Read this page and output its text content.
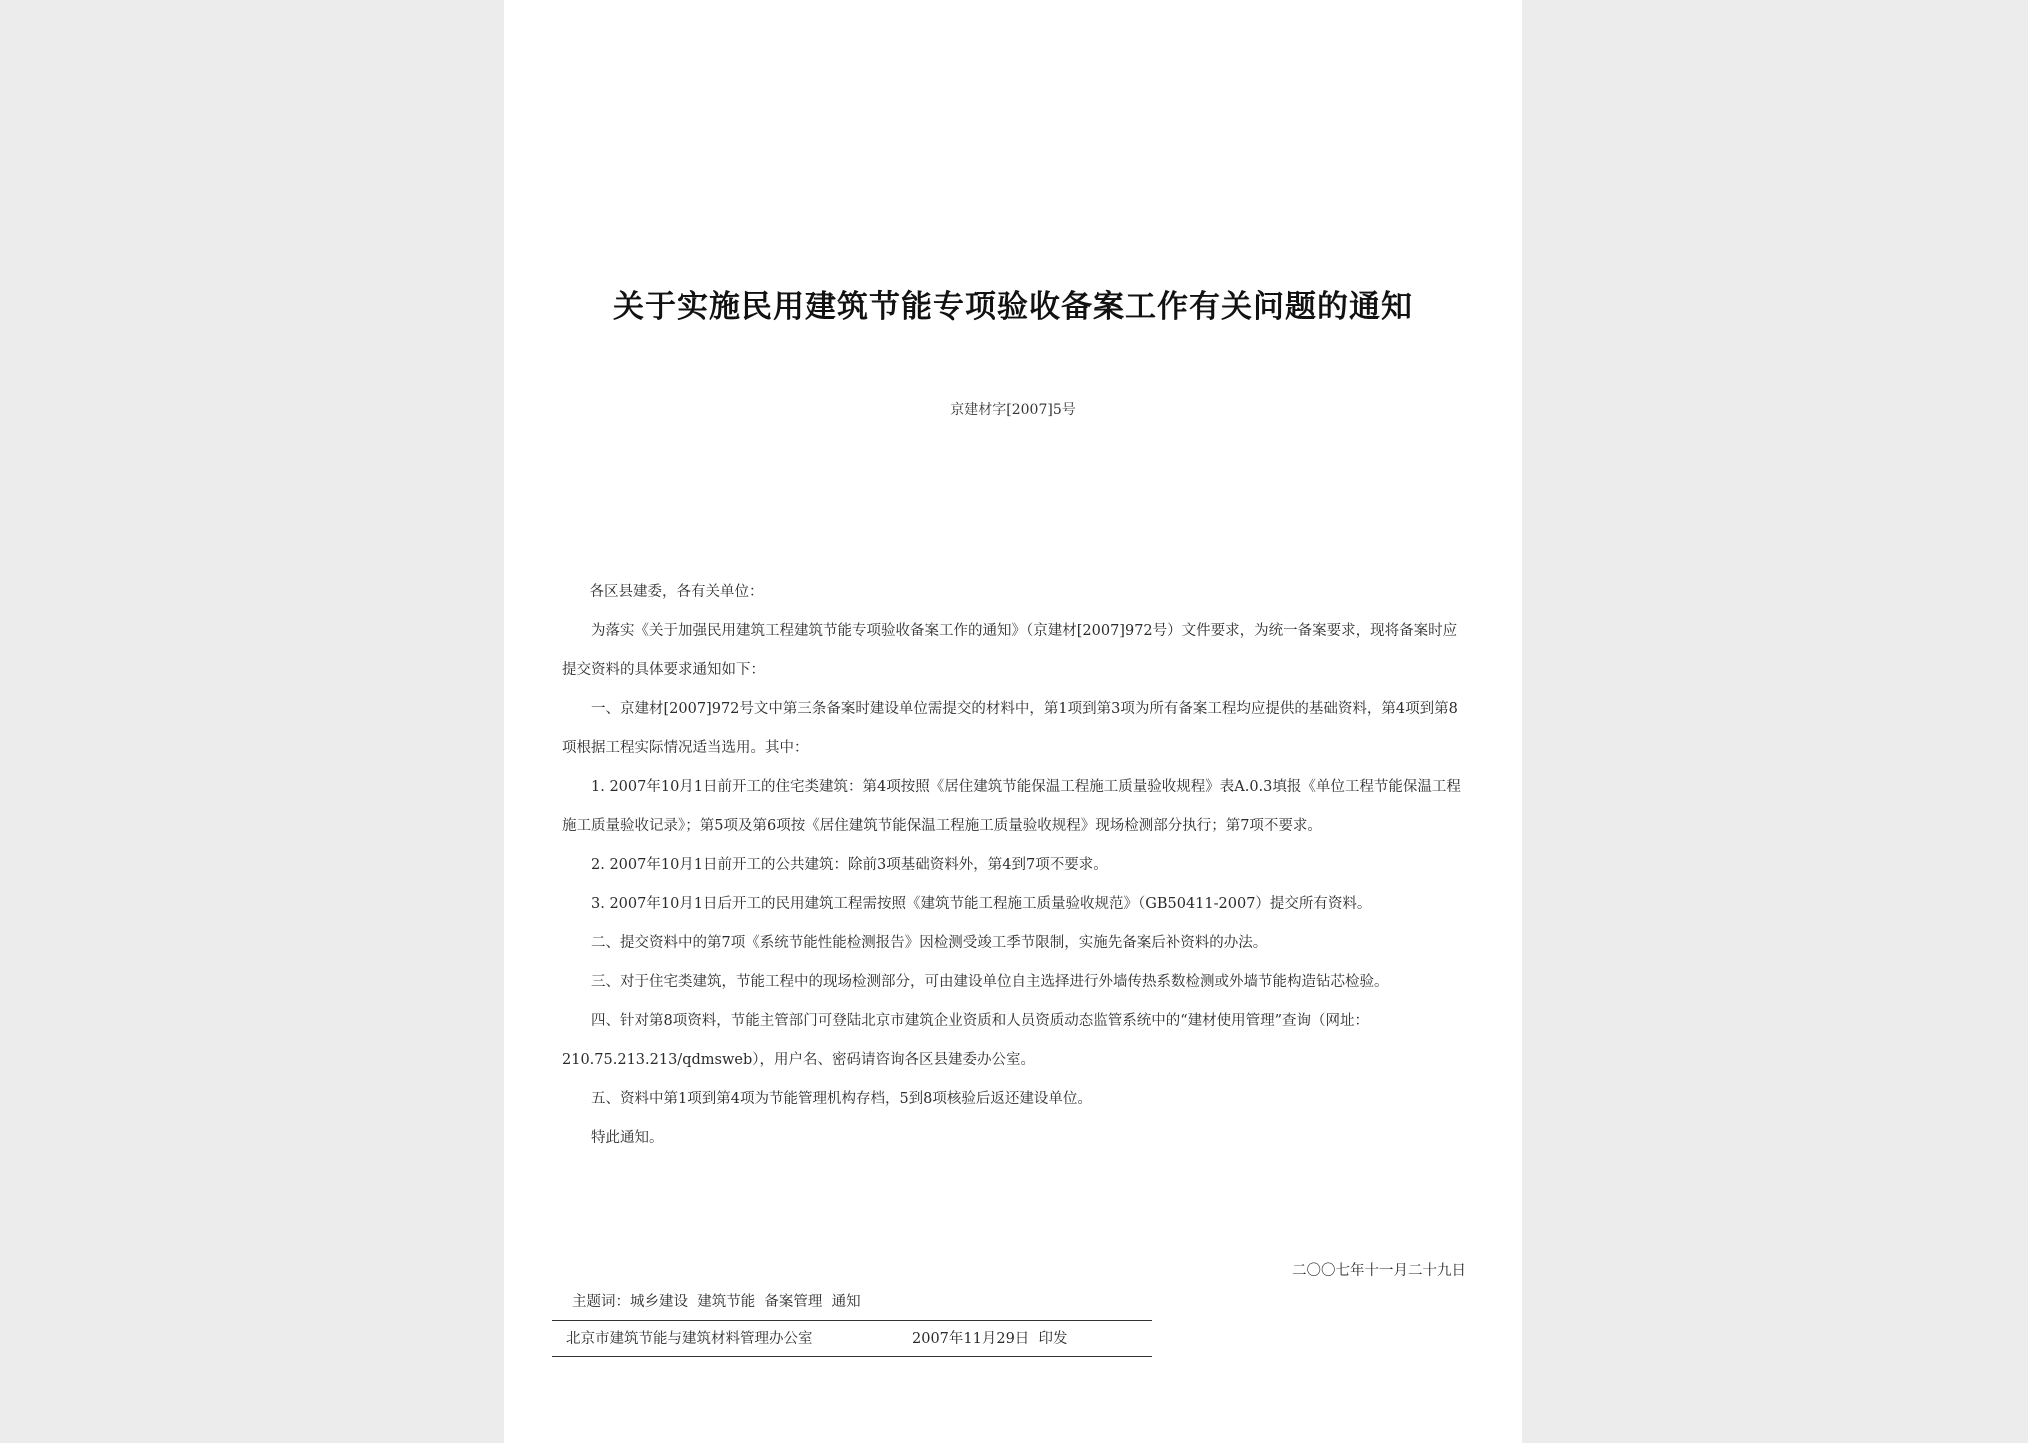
关于实施民用建筑节能专项验收备案工作有关问题的通知
京建材字[2007]5号

各区县建委，各有关单位：

为落实《关于加强民用建筑工程建筑节能专项验收备案工作的通知》（京建材[2007]972号）文件要求，为统一备案要求，现将备案时应提交资料的具体要求通知如下：

一、京建材[2007]972号文中第三条备案时建设单位需提交的材料中，第1项到第3项为所有备案工程均应提供的基础资料，第4项到第8项根据工程实际情况适当选用。其中：

1. 2007年10月1日前开工的住宅类建筑：第4项按照《居住建筑节能保温工程施工质量验收规程》表A.0.3填报《单位工程节能保温工程施工质量验收记录》；第5项及第6项按《居住建筑节能保温工程施工质量验收规程》现场检测部分执行；第7项不要求。

2. 2007年10月1日前开工的公共建筑：除前3项基础资料外，第4到7项不要求。

3. 2007年10月1日后开工的民用建筑工程需按照《建筑节能工程施工质量验收规范》（GB50411-2007）提交所有资料。

二、提交资料中的第7项《系统节能性能检测报告》因检测受竣工季节限制，实施先备案后补资料的办法。

三、对于住宅类建筑，节能工程中的现场检测部分，可由建设单位自主选择进行外墙传热系数检测或外墙节能构造钻芯检验。

四、针对第8项资料，节能主管部门可登陆北京市建筑企业资质和人员资质动态监管系统中的“建材使用管理”查询（网址：210.75.213.213/qdmsweb），用户名、密码请咨询各区县建委办公室。

五、资料中第1项到第4项为节能管理机构存档，5到8项核验后返还建设单位。

特此通知。

二〇〇七年十一月二十九日
主题词：城乡建设  建筑节能  备案管理  通知
北京市建筑节能与建筑材料管理办公室	2007年11月29日  印发
